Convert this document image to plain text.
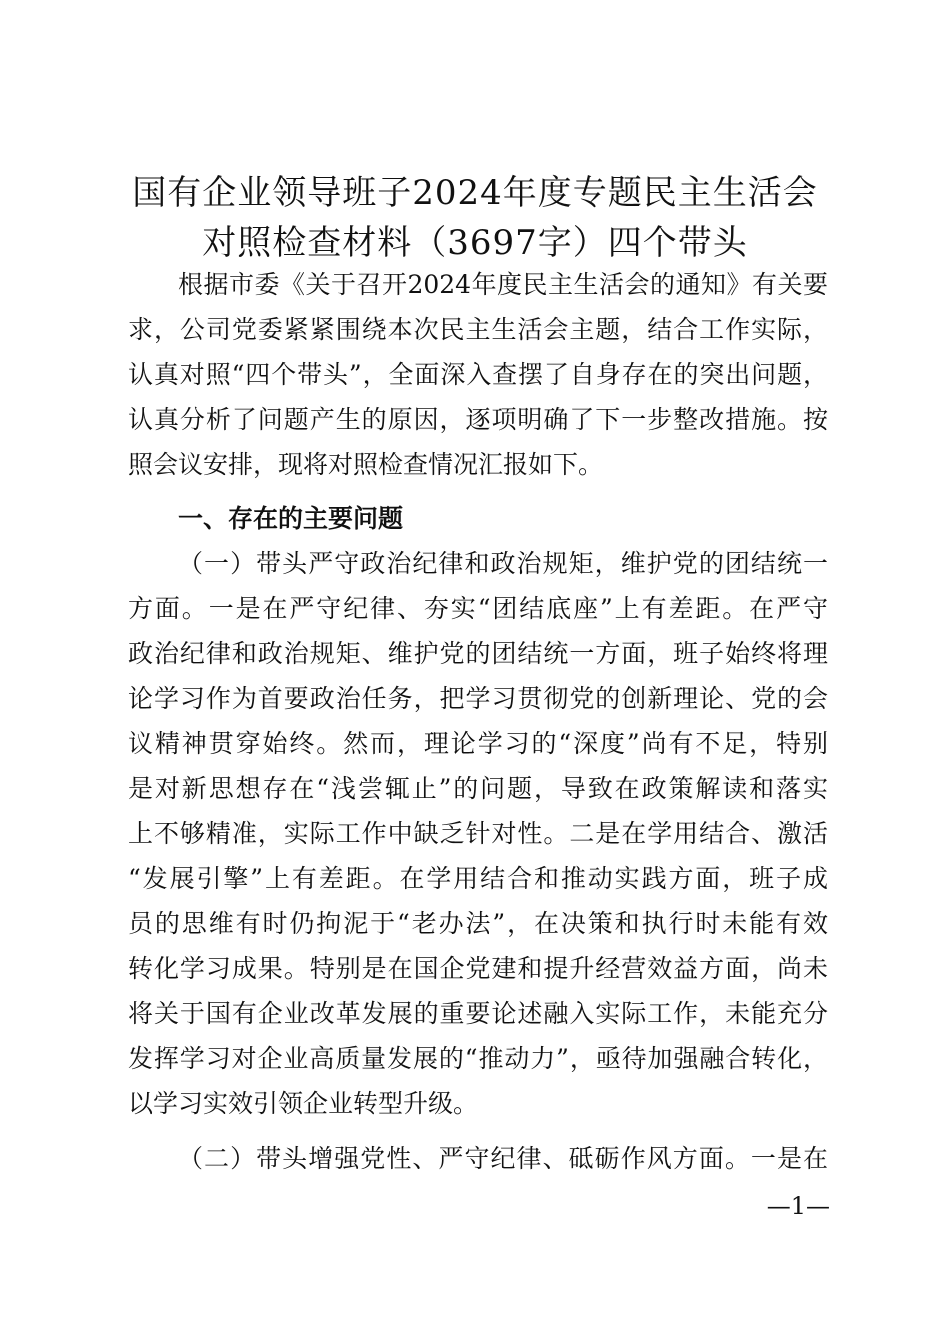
国有企业领导班子2024年度专题民主生活会
对照检查材料（3697字）四个带头
根据市委《关于召开2024年度民主生活会的通知》有关要
求，公司党委紧紧围绕本次民主生活会主题，结合工作实际，
认真对照“四个带头”，全面深入查摆了自身存在的突出问题，
认真分析了问题产生的原因，逐项明确了下一步整改措施。按
照会议安排，现将对照检查情况汇报如下。
一、存在的主要问题
（一）带头严守政治纪律和政治规矩，维护党的团结统一
方面。一是在严守纪律、夯实“团结底座”上有差距。在严守
政治纪律和政治规矩、维护党的团结统一方面，班子始终将理
论学习作为首要政治任务，把学习贯彻党的创新理论、党的会
议精神贯穿始终。然而，理论学习的“深度”尚有不足，特别
是对新思想存在“浅尝辄止”的问题，导致在政策解读和落实
上不够精准，实际工作中缺乏针对性。二是在学用结合、激活
“发展引擎”上有差距。在学用结合和推动实践方面，班子成
员的思维有时仍拘泥于“老办法”，在决策和执行时未能有效
转化学习成果。特别是在国企党建和提升经营效益方面，尚未
将关于国有企业改革发展的重要论述融入实际工作，未能充分
发挥学习对企业高质量发展的“推动力”，亟待加强融合转化，
以学习实效引领企业转型升级。
（二）带头增强党性、严守纪律、砥砺作风方面。一是在
—1—
